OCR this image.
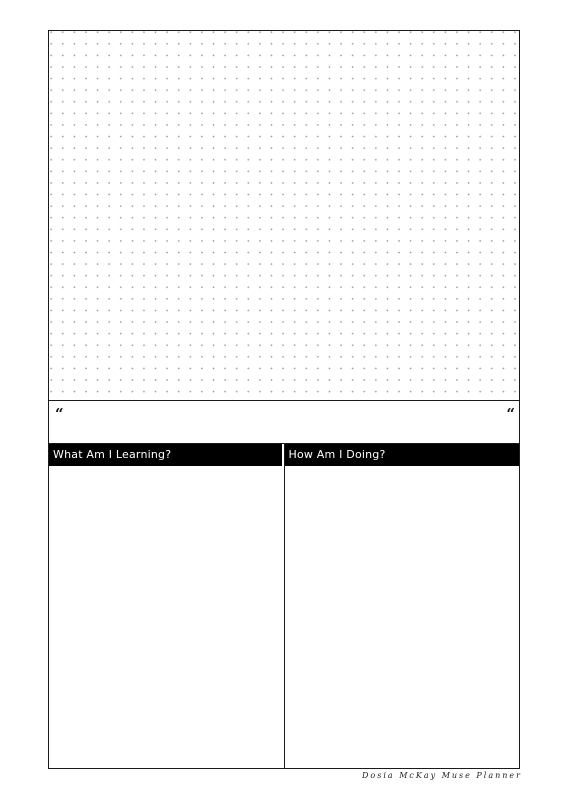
“	“
What Am I Learning?	How Am I Doing?
Dosia McKay Muse Planner
